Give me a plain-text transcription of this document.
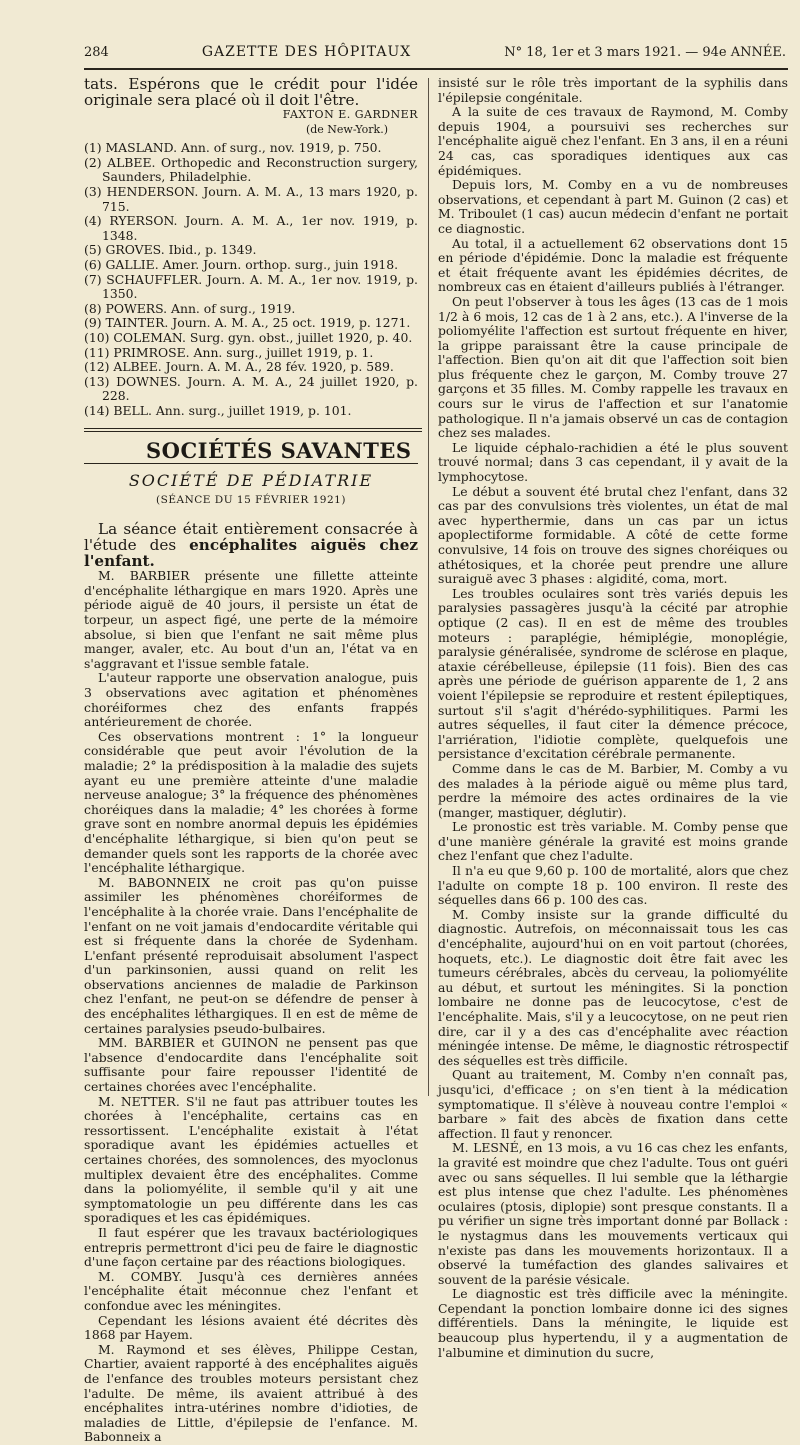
284	GAZETTE DES HÔPITAUX	N° 18, 1er et 3 mars 1921. — 94e ANNÉE.

tats. Espérons que le crédit pour l'idée originale sera placé où il doit l'être.

FAXTON E. GARDNER
(de New-York.)
(1) MASLAND. Ann. of surg., nov. 1919, p. 750.
(2) ALBEE. Orthopedic and Reconstruction surgery, Saunders, Philadelphie.
(3) HENDERSON. Journ. A. M. A., 13 mars 1920, p. 715.
(4) RYERSON. Journ. A. M. A., 1er nov. 1919, p. 1348.
(5) GROVES. Ibid., p. 1349.
(6) GALLIE. Amer. Journ. orthop. surg., juin 1918.
(7) SCHAUFFLER. Journ. A. M. A., 1er nov. 1919, p. 1350.
(8) POWERS. Ann. of surg., 1919.
(9) TAINTER. Journ. A. M. A., 25 oct. 1919, p. 1271.
(10) COLEMAN. Surg. gyn. obst., juillet 1920, p. 40.
(11) PRIMROSE. Ann. surg., juillet 1919, p. 1.
(12) ALBEE. Journ. A. M. A., 28 fév. 1920, p. 589.
(13) DOWNES. Journ. A. M. A., 24 juillet 1920, p. 228.
(14) BELL. Ann. surg., juillet 1919, p. 101.
SOCIÉTÉS SAVANTES
SOCIÉTÉ DE PÉDIATRIE
(SÉANCE DU 15 FÉVRIER 1921)

La séance était entièrement consacrée à l'étude des encéphalites aiguës chez l'enfant.

M. BARBIER présente une fillette atteinte d'encéphalite léthargique en mars 1920. Après une période aiguë de 40 jours, il persiste un état de torpeur, un aspect figé, une perte de la mémoire absolue, si bien que l'enfant ne sait même plus manger, avaler, etc. Au bout d'un an, l'état va en s'aggravant et l'issue semble fatale.

L'auteur rapporte une observation analogue, puis 3 observations avec agitation et phénomènes choréiformes chez des enfants frappés antérieurement de chorée.

Ces observations montrent : 1° la longueur considérable que peut avoir l'évolution de la maladie; 2° la prédisposition à la maladie des sujets ayant eu une première atteinte d'une maladie nerveuse analogue; 3° la fréquence des phénomènes choréiques dans la maladie; 4° les chorées à forme grave sont en nombre anormal depuis les épidémies d'encéphalite léthargique, si bien qu'on peut se demander quels sont les rapports de la chorée avec l'encéphalite léthargique.

M. BABONNEIX ne croit pas qu'on puisse assimiler les phénomènes choréiformes de l'encéphalite à la chorée vraie. Dans l'encéphalite de l'enfant on ne voit jamais d'endocardite véritable qui est si fréquente dans la chorée de Sydenham. L'enfant présenté reproduisait absolument l'aspect d'un parkinsonien, aussi quand on relit les observations anciennes de maladie de Parkinson chez l'enfant, ne peut-on se défendre de penser à des encéphalites léthargiques. Il en est de même de certaines paralysies pseudo-bulbaires.

MM. BARBIER et GUINON ne pensent pas que l'absence d'endocardite dans l'encéphalite soit suffisante pour faire repousser l'identité de certaines chorées avec l'encéphalite.

M. NETTER. S'il ne faut pas attribuer toutes les chorées à l'encéphalite, certains cas en ressortissent. L'encéphalite existait à l'état sporadique avant les épidémies actuelles et certaines chorées, des somnolences, des myoclonus multiplex devaient être des encéphalites. Comme dans la poliomyélite, il semble qu'il y ait une symptomatologie un peu différente dans les cas sporadiques et les cas épidémiques.

Il faut espérer que les travaux bactériologiques entrepris permettront d'ici peu de faire le diagnostic d'une façon certaine par des réactions biologiques.

M. COMBY. Jusqu'à ces dernières années l'encéphalite était méconnue chez l'enfant et confondue avec les méningites.

Cependant les lésions avaient été décrites dès 1868 par Hayem.

M. Raymond et ses élèves, Philippe Cestan, Chartier, avaient rapporté à des encéphalites aiguës de l'enfance des troubles moteurs persistant chez l'adulte. De même, ils avaient attribué à des encéphalites intra-utérines nombre d'idioties, de maladies de Little, d'épilepsie de l'enfance. M. Babonneix a

insisté sur le rôle très important de la syphilis dans l'épilepsie congénitale.

A la suite de ces travaux de Raymond, M. Comby depuis 1904, a poursuivi ses recherches sur l'encéphalite aiguë chez l'enfant. En 3 ans, il en a réuni 24 cas, cas sporadiques identiques aux cas épidémiques.

Depuis lors, M. Comby en a vu de nombreuses observations, et cependant à part M. Guinon (2 cas) et M. Triboulet (1 cas) aucun médecin d'enfant ne portait ce diagnostic.

Au total, il a actuellement 62 observations dont 15 en période d'épidémie. Donc la maladie est fréquente et était fréquente avant les épidémies décrites, de nombreux cas en étaient d'ailleurs publiés à l'étranger.

On peut l'observer à tous les âges (13 cas de 1 mois 1/2 à 6 mois, 12 cas de 1 à 2 ans, etc.). A l'inverse de la poliomyélite l'affection est surtout fréquente en hiver, la grippe paraissant être la cause principale de l'affection. Bien qu'on ait dit que l'affection soit bien plus fréquente chez le garçon, M. Comby trouve 27 garçons et 35 filles. M. Comby rappelle les travaux en cours sur le virus de l'affection et sur l'anatomie pathologique. Il n'a jamais observé un cas de contagion chez ses malades.

Le liquide céphalo-rachidien a été le plus souvent trouvé normal; dans 3 cas cependant, il y avait de la lymphocytose.

Le début a souvent été brutal chez l'enfant, dans 32 cas par des convulsions très violentes, un état de mal avec hyperthermie, dans un cas par un ictus apoplectiforme formidable. A côté de cette forme convulsive, 14 fois on trouve des signes choréiques ou athétosiques, et la chorée peut prendre une allure suraiguë avec 3 phases : algidité, coma, mort.

Les troubles oculaires sont très variés depuis les paralysies passagères jusqu'à la cécité par atrophie optique (2 cas). Il en est de même des troubles moteurs : paraplégie, hémiplégie, monoplégie, paralysie généralisée, syndrome de sclérose en plaque, ataxie cérébelleuse, épilepsie (11 fois). Bien des cas après une période de guérison apparente de 1, 2 ans voient l'épilepsie se reproduire et restent épileptiques, surtout s'il s'agit d'hérédo-syphilitiques. Parmi les autres séquelles, il faut citer la démence précoce, l'arriération, l'idiotie complète, quelquefois une persistance d'excitation cérébrale permanente.

Comme dans le cas de M. Barbier, M. Comby a vu des malades à la période aiguë ou même plus tard, perdre la mémoire des actes ordinaires de la vie (manger, mastiquer, déglutir).

Le pronostic est très variable. M. Comby pense que d'une manière générale la gravité est moins grande chez l'enfant que chez l'adulte.

Il n'a eu que 9,60 p. 100 de mortalité, alors que chez l'adulte on compte 18 p. 100 environ. Il reste des séquelles dans 66 p. 100 des cas.

M. Comby insiste sur la grande difficulté du diagnostic. Autrefois, on méconnaissait tous les cas d'encéphalite, aujourd'hui on en voit partout (chorées, hoquets, etc.). Le diagnostic doit être fait avec les tumeurs cérébrales, abcès du cerveau, la poliomyélite au début, et surtout les méningites. Si la ponction lombaire ne donne pas de leucocytose, c'est de l'encéphalite. Mais, s'il y a leucocytose, on ne peut rien dire, car il y a des cas d'encéphalite avec réaction méningée intense. De même, le diagnostic rétrospectif des séquelles est très difficile.

Quant au traitement, M. Comby n'en connaît pas, jusqu'ici, d'efficace ; on s'en tient à la médication symptomatique. Il s'élève à nouveau contre l'emploi « barbare » fait des abcès de fixation dans cette affection. Il faut y renoncer.

M. LESNÉ, en 13 mois, a vu 16 cas chez les enfants, la gravité est moindre que chez l'adulte. Tous ont guéri avec ou sans séquelles. Il lui semble que la léthargie est plus intense que chez l'adulte. Les phénomènes oculaires (ptosis, diplopie) sont presque constants. Il a pu vérifier un signe très important donné par Bollack : le nystagmus dans les mouvements verticaux qui n'existe pas dans les mouvements horizontaux. Il a observé la tuméfaction des glandes salivaires et souvent de la parésie vésicale.

Le diagnostic est très difficile avec la méningite. Cependant la ponction lombaire donne ici des signes différentiels. Dans la méningite, le liquide est beaucoup plus hypertendu, il y a augmentation de l'albumine et diminution du sucre,
